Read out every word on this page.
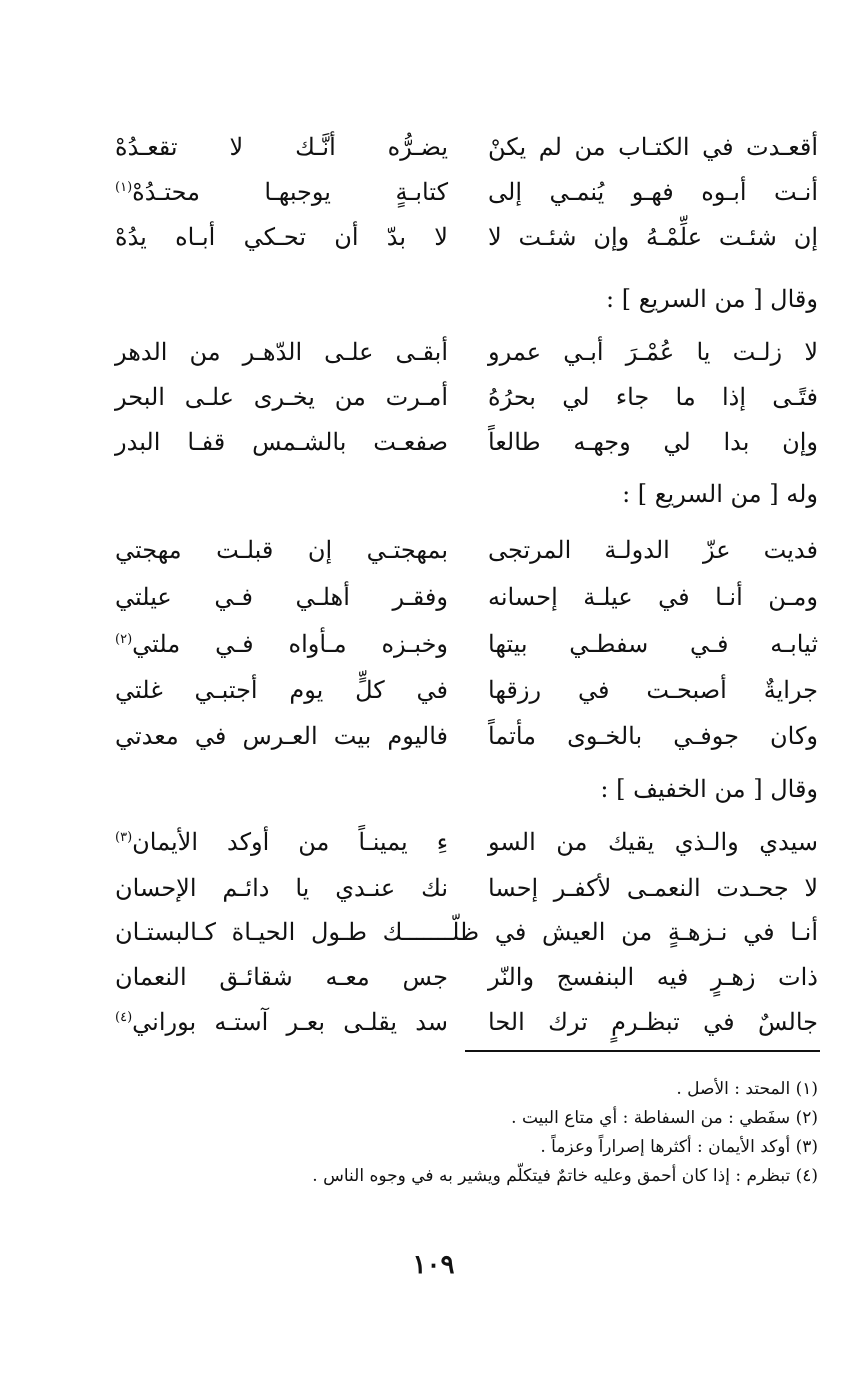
أقعـدت في الكتـاب من لم يكنْ
يضـرُّه أنَّـك لا تقعـدُهْ
أنـت أبـوه فهـو يُنمـي إلى
كتابـةٍ يوجبهـا محتـدُهْ$^{(١)}$
إن شئـت علِّمْـهُ وإن شئـت لا
لا بدّ أن تحـكي أبـاه يدُهْ
وقال [ من السريع ] :
لا زلـت يا عُمْـرَ أبـي عمرو
أبقـى علـى الدّهـر من الدهر
فتًـى إذا ما جاء لي بحرُهُ
أمـرت من يخـرى علـى البحر
وإن بدا لي وجهـه طالعاً
صفعـت بالشـمس قفـا البدر
وله [ من السريع ] :
فديت عزّ الدولـة المرتجى
بمهجتـي إن قبلـت مهجتي
ومـن أنـا في عيلـة إحسانه
وفقـر أهلـي فـي عيلتي
ثيابـه فـي سفطـي بيتها
وخبـزه مـأواه فـي ملتي$^{(٢)}$
جرايةٌ أصبحـت في رزقها
في كلٍّ يوم أجتبـي غلتي
وكان جوفـي بالخـوى مأتماً
فاليوم بيت العـرس في معدتي
وقال [ من الخفيف ] :
سيدي والـذي يقيك من السو
ءِ يمينـاً من أوكد الأيمان$^{(٣)}$
لا جحـدت النعمـى لأكفـر إحسا
نك عنـدي يا دائـم الإحسان
أنـا في نـزهـةٍ من العيش في ظلّـــــــك طـول الحيـاة كـالبستـان
ذات زهـرٍ فيه البنفسج والنّر
جس معـه شقائـق النعمان
جالسٌ في تبظـرمٍ ترك الحا
سد يقلـى بعـر آستـه بوراني$^{(٤)}$
(١) المحتد : الأصل .
(٢) سفَطي : من السفاطة : أي متاع البيت .
(٣) أوكد الأيمان : أكثرها إصراراً وعزماً .
(٤) تبظرم : إذا كان أحمق وعليه خاتمٌ فيتكلّم ويشير به في وجوه الناس .
١٠٩
